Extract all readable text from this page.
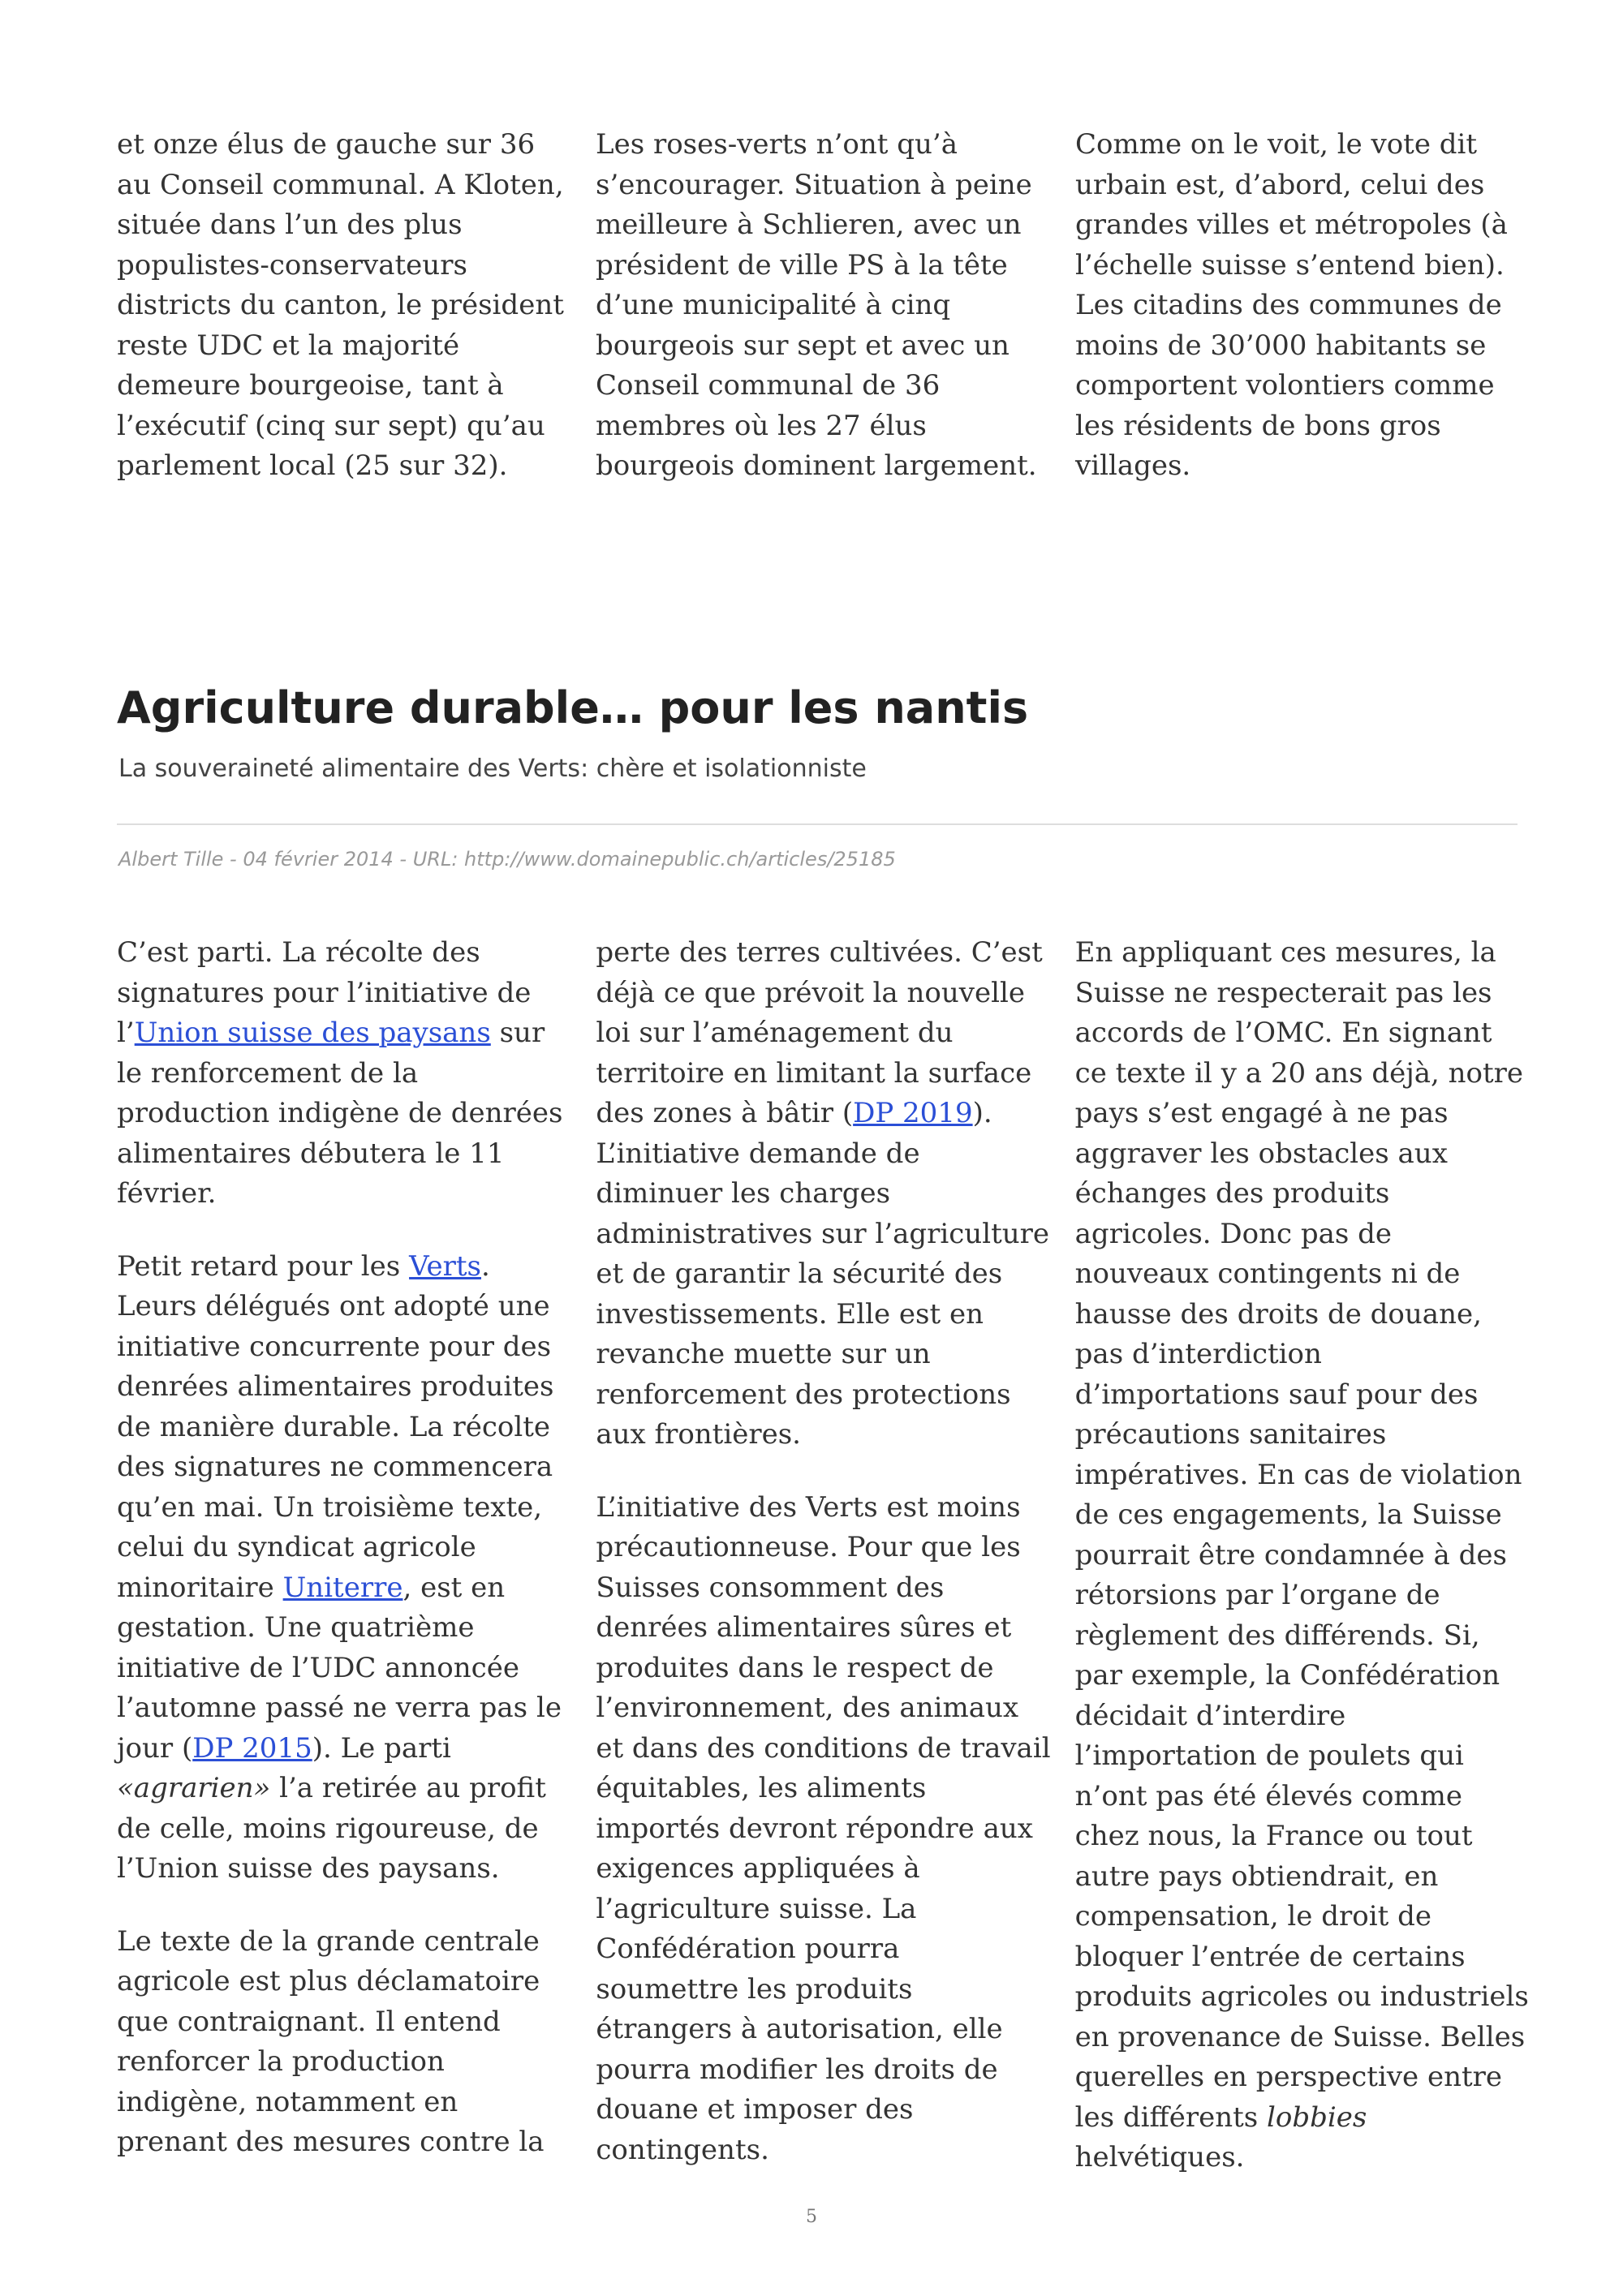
et onze élus de gauche sur 36 au Conseil communal. A Kloten, située dans l’un des plus populistes-conservateurs districts du canton, le président reste UDC et la majorité demeure bourgeoise, tant à l’exécutif (cinq sur sept) qu’au parlement local (25 sur 32).

Les roses-verts n’ont qu’à s’encourager. Situation à peine meilleure à Schlieren, avec un président de ville PS à la tête d’une municipalité à cinq bourgeois sur sept et avec un Conseil communal de 36 membres où les 27 élus bourgeois dominent largement.

Comme on le voit, le vote dit urbain est, d’abord, celui des grandes villes et métropoles (à l’échelle suisse s’entend bien). Les citadins des communes de moins de 30’000 habitants se comportent volontiers comme les résidents de bons gros villages.

Agriculture durable… pour les nantis

La souveraineté alimentaire des Verts: chère et isolationniste

Albert Tille - 04 février 2014 - URL: http://www.domainepublic.ch/articles/25185

5

C’est parti. La récolte des signatures pour l’initiative de l’Union suisse des paysans sur le renforcement de la production indigène de denrées alimentaires débutera le 11 février.

Petit retard pour les Verts. Leurs délégués ont adopté une initiative concurrente pour des denrées alimentaires produites de manière durable. La récolte des signatures ne commencera qu’en mai. Un troisième texte, celui du syndicat agricole minoritaire Uniterre, est en gestation. Une quatrième initiative de l’UDC annoncée l’automne passé ne verra pas le jour (DP 2015). Le parti «agrarien» l’a retirée au profit de celle, moins rigoureuse, de l’Union suisse des paysans.

Le texte de la grande centrale agricole est plus déclamatoire que contraignant. Il entend renforcer la production indigène, notamment en prenant des mesures contre la perte des terres cultivées. C’est déjà ce que prévoit la nouvelle loi sur l’aménagement du territoire en limitant la surface des zones à bâtir (DP 2019). L’initiative demande de diminuer les charges administratives sur l’agriculture et de garantir la sécurité des investissements. Elle est en revanche muette sur un renforcement des protections aux frontières.

L’initiative des Verts est moins précautionneuse. Pour que les Suisses consomment des denrées alimentaires sûres et produites dans le respect de l’environnement, des animaux et dans des conditions de travail équitables, les aliments importés devront répondre aux exigences appliquées à l’agriculture suisse. La Confédération pourra soumettre les produits étrangers à autorisation, elle pourra modifier les droits de douane et imposer des contingents.

En appliquant ces mesures, la Suisse ne respecterait pas les accords de l’OMC. En signant ce texte il y a 20 ans déjà, notre pays s’est engagé à ne pas aggraver les obstacles aux échanges des produits agricoles. Donc pas de nouveaux contingents ni de hausse des droits de douane, pas d’interdiction d’importations sauf pour des précautions sanitaires impératives. En cas de violation de ces engagements, la Suisse pourrait être condamnée à des rétorsions par l’organe de règlement des différends. Si, par exemple, la Confédération décidait d’interdire l’importation de poulets qui n’ont pas été élevés comme chez nous, la France ou tout autre pays obtiendrait, en compensation, le droit de bloquer l’entrée de certains produits agricoles ou industriels en provenance de Suisse. Belles querelles en perspective entre les différents lobbies helvétiques.
